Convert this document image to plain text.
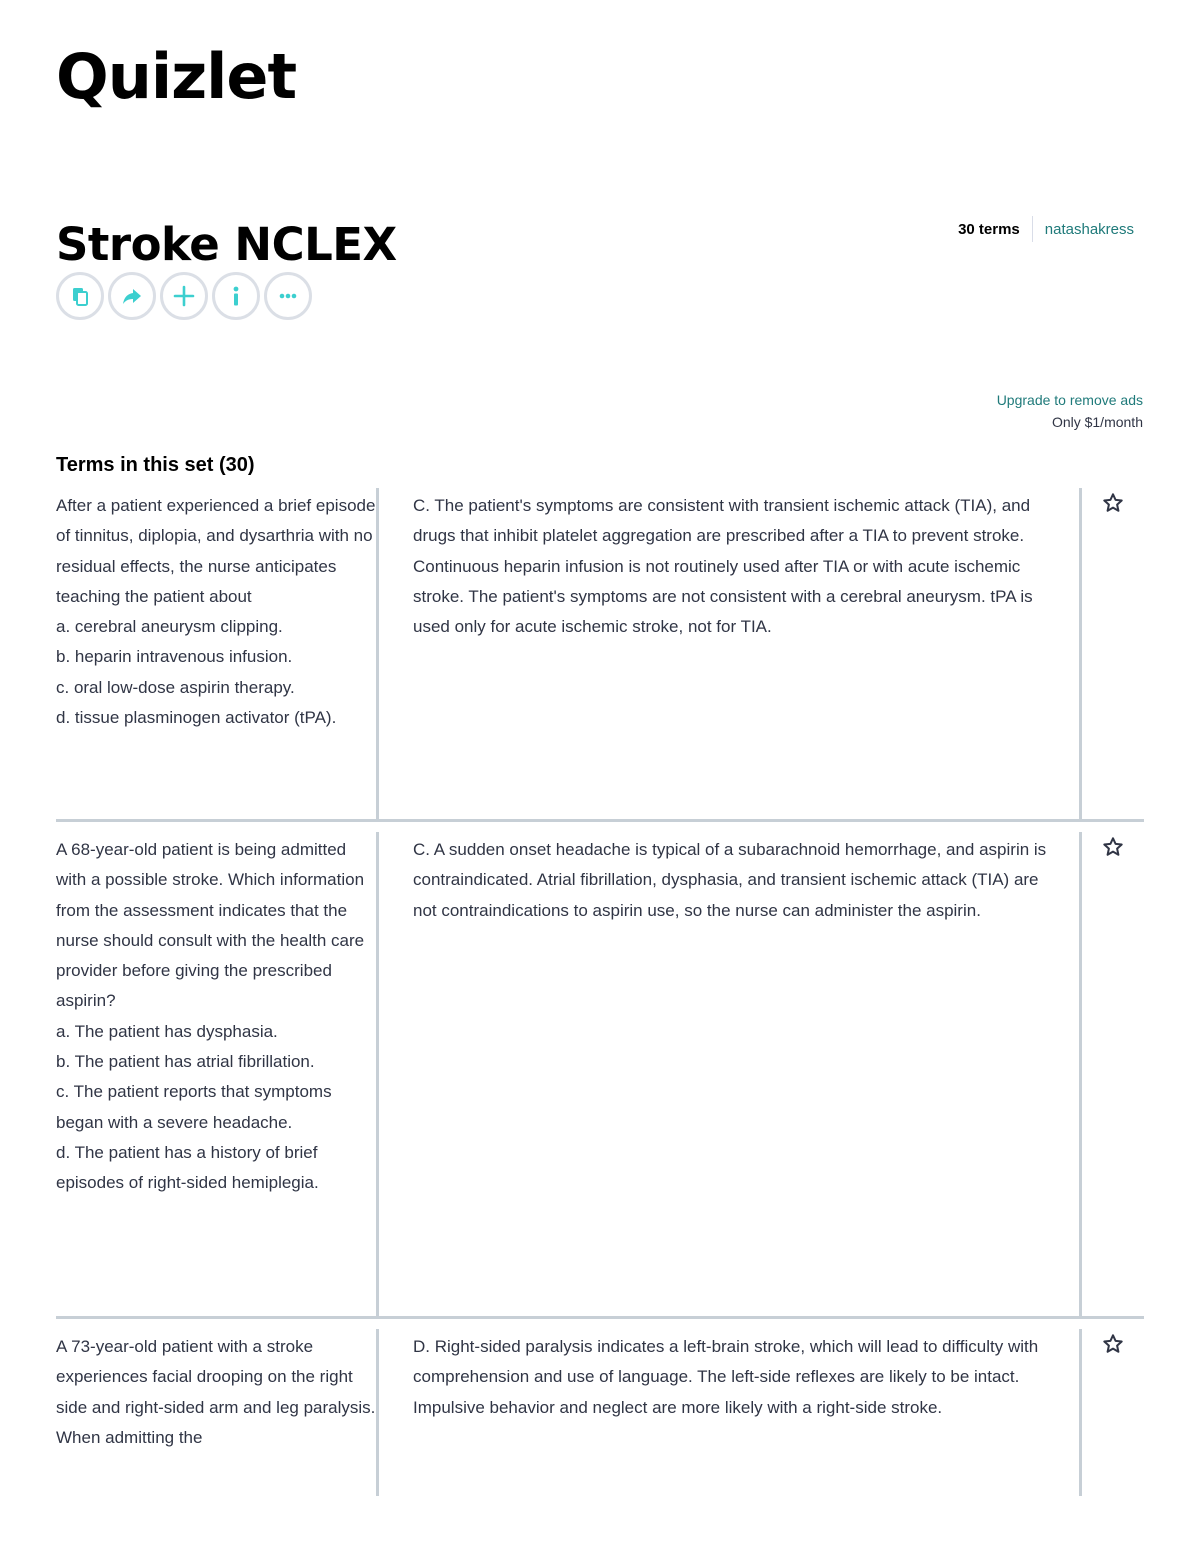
Quizlet
Stroke NCLEX	30 terms	natashakress
Upgrade to remove ads
Only $1/month
Terms in this set (30)
After a patient experienced a brief episode of tinnitus, diplopia, and dysarthria with no residual effects, the nurse anticipates teaching the patient about
a. cerebral aneurysm clipping.
b. heparin intravenous infusion.
c. oral low-dose aspirin therapy.
d. tissue plasminogen activator (tPA).
C. The patient's symptoms are consistent with transient ischemic attack (TIA), and drugs that inhibit platelet aggregation are prescribed after a TIA to prevent stroke. Continuous heparin infusion is not routinely used after TIA or with acute ischemic stroke. The patient's symptoms are not consistent with a cerebral aneurysm. tPA is used only for acute ischemic stroke, not for TIA.
A 68-year-old patient is being admitted with a possible stroke. Which information from the assessment indicates that the nurse should consult with the health care provider before giving the prescribed aspirin?
a. The patient has dysphasia.
b. The patient has atrial fibrillation.
c. The patient reports that symptoms began with a severe headache.
d. The patient has a history of brief episodes of right-sided hemiplegia.
C. A sudden onset headache is typical of a subarachnoid hemorrhage, and aspirin is contraindicated. Atrial fibrillation, dysphasia, and transient ischemic attack (TIA) are not contraindications to aspirin use, so the nurse can administer the aspirin.
A 73-year-old patient with a stroke experiences facial drooping on the right side and right-sided arm and leg paralysis. When admitting the
D. Right-sided paralysis indicates a left-brain stroke, which will lead to difficulty with comprehension and use of language. The left-side reflexes are likely to be intact. Impulsive behavior and neglect are more likely with a right-side stroke.
